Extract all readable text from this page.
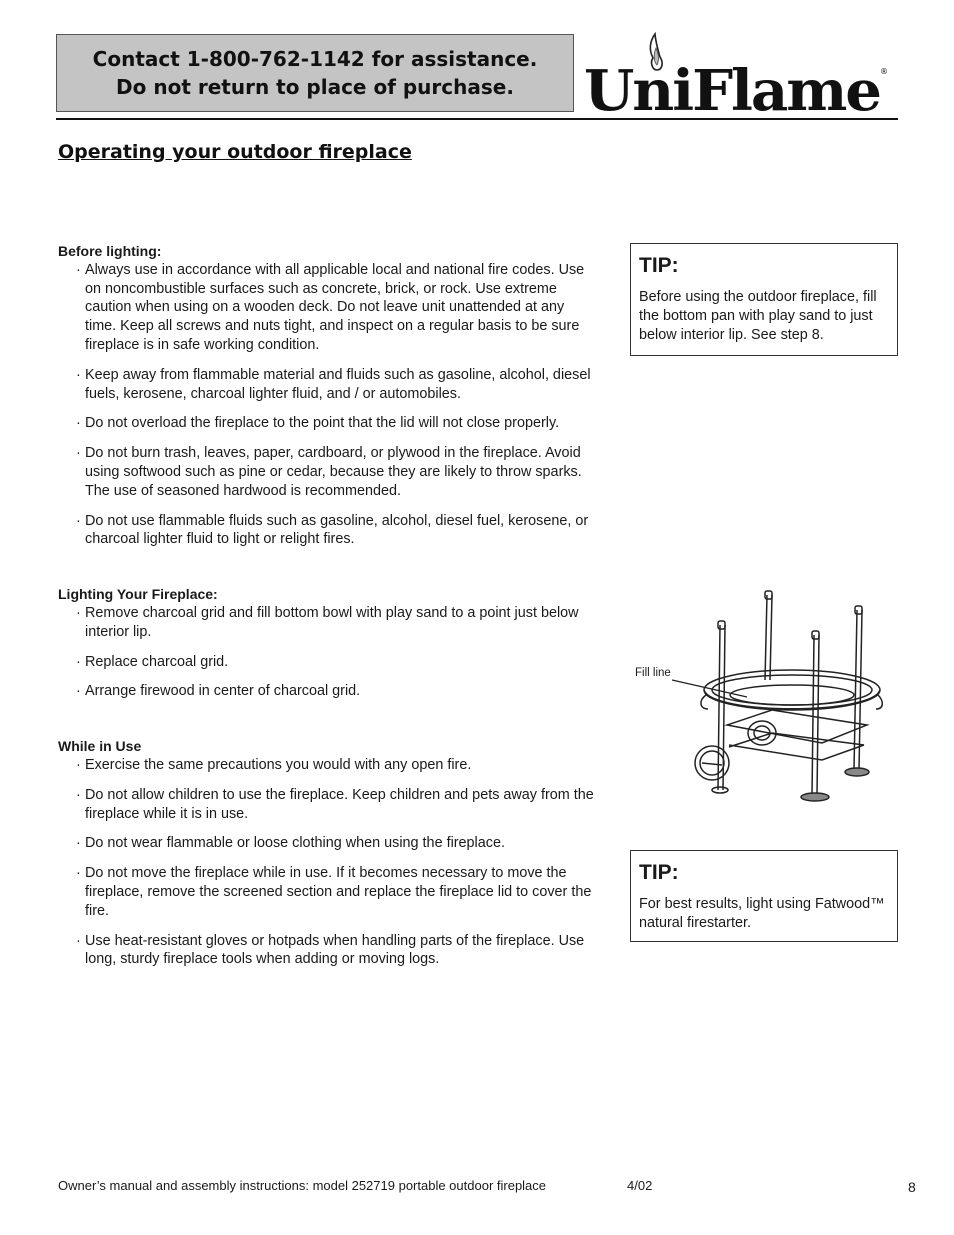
Contact 1-800-762-1142 for assistance.
Do not return to place of purchase. UniFlame ®
Operating your outdoor fireplace

Before lighting:

· Always use in accordance with all applicable local and national fire codes. Use on noncombustible surfaces such as concrete, brick, or rock. Use extreme caution when using on a wooden deck. Do not leave unit unattended at any time. Keep all screws and nuts tight, and inspect on a regular basis to be sure fireplace is in safe working condition.
· Keep away from flammable material and fluids such as gasoline, alcohol, diesel fuels, kerosene, charcoal lighter fluid, and / or automobiles.
· Do not overload the fireplace to the point that the lid will not close properly.
· Do not burn trash, leaves, paper, cardboard, or plywood in the fireplace. Avoid using softwood such as pine or cedar, because they are likely to throw sparks. The use of seasoned hardwood is recommended.
· Do not use flammable fluids such as gasoline, alcohol, diesel fuel, kerosene, or charcoal lighter fluid to light or relight fires.

Lighting Your Fireplace:

· Remove charcoal grid and fill bottom bowl with play sand to a point just below interior lip.
· Replace charcoal grid.
· Arrange firewood in center of charcoal grid.

While in Use

· Exercise the same precautions you would with any open fire.
· Do not allow children to use the fireplace. Keep children and pets away from the fireplace while it is in use.
· Do not wear flammable or loose clothing when using the fireplace.
· Do not move the fireplace while in use. If it becomes necessary to move the fireplace, remove the screened section and replace the fireplace lid to cover the fire.
· Use heat-resistant gloves or hotpads when handling parts of the fireplace. Use long, sturdy fireplace tools when adding or moving logs.

TIP:

Before using the outdoor fireplace, fill the bottom pan with play sand to just below interior lip. See step 8.

TIP:

For best results, light using Fatwood™ natural firestarter.

Fill line

Owner’s manual and assembly instructions: model 252719 portable outdoor fireplace	4/02	8
